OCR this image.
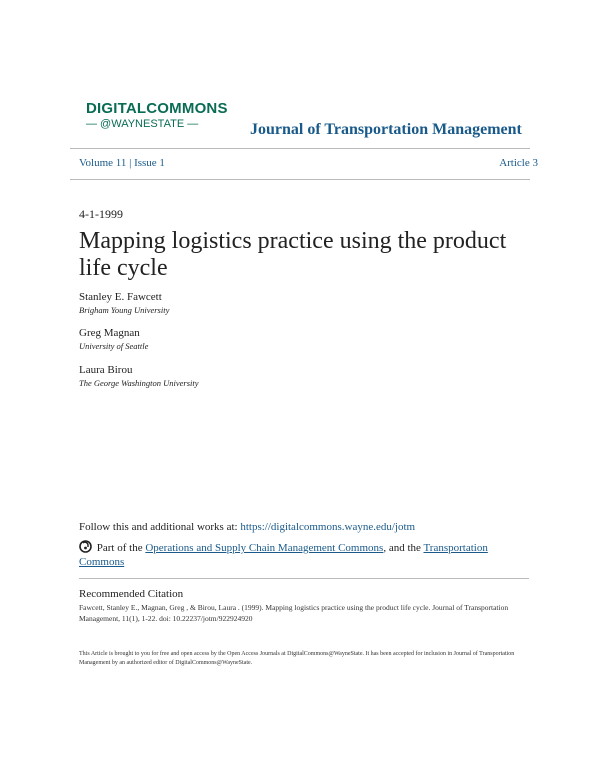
DIGITALCOMMONS
— @WAYNESTATE —	Journal of Transportation Management
Volume 11 | Issue 1	Article 3
4-1-1999
Mapping logistics practice using the product life cycle
Stanley E. Fawcett
Brigham Young University
Greg Magnan
University of Seattle
Laura Birou
The George Washington University
Follow this and additional works at: https://digitalcommons.wayne.edu/jotm
Part of the Operations and Supply Chain Management Commons, and the Transportation Commons
Recommended Citation
Fawcett, Stanley E., Magnan, Greg , & Birou, Laura . (1999). Mapping logistics practice using the product life cycle. Journal of Transportation Management, 11(1), 1-22. doi: 10.22237/jotm/922924920
This Article is brought to you for free and open access by the Open Access Journals at DigitalCommons@WayneState. It has been accepted for inclusion in Journal of Transportation Management by an authorized editor of DigitalCommons@WayneState.
